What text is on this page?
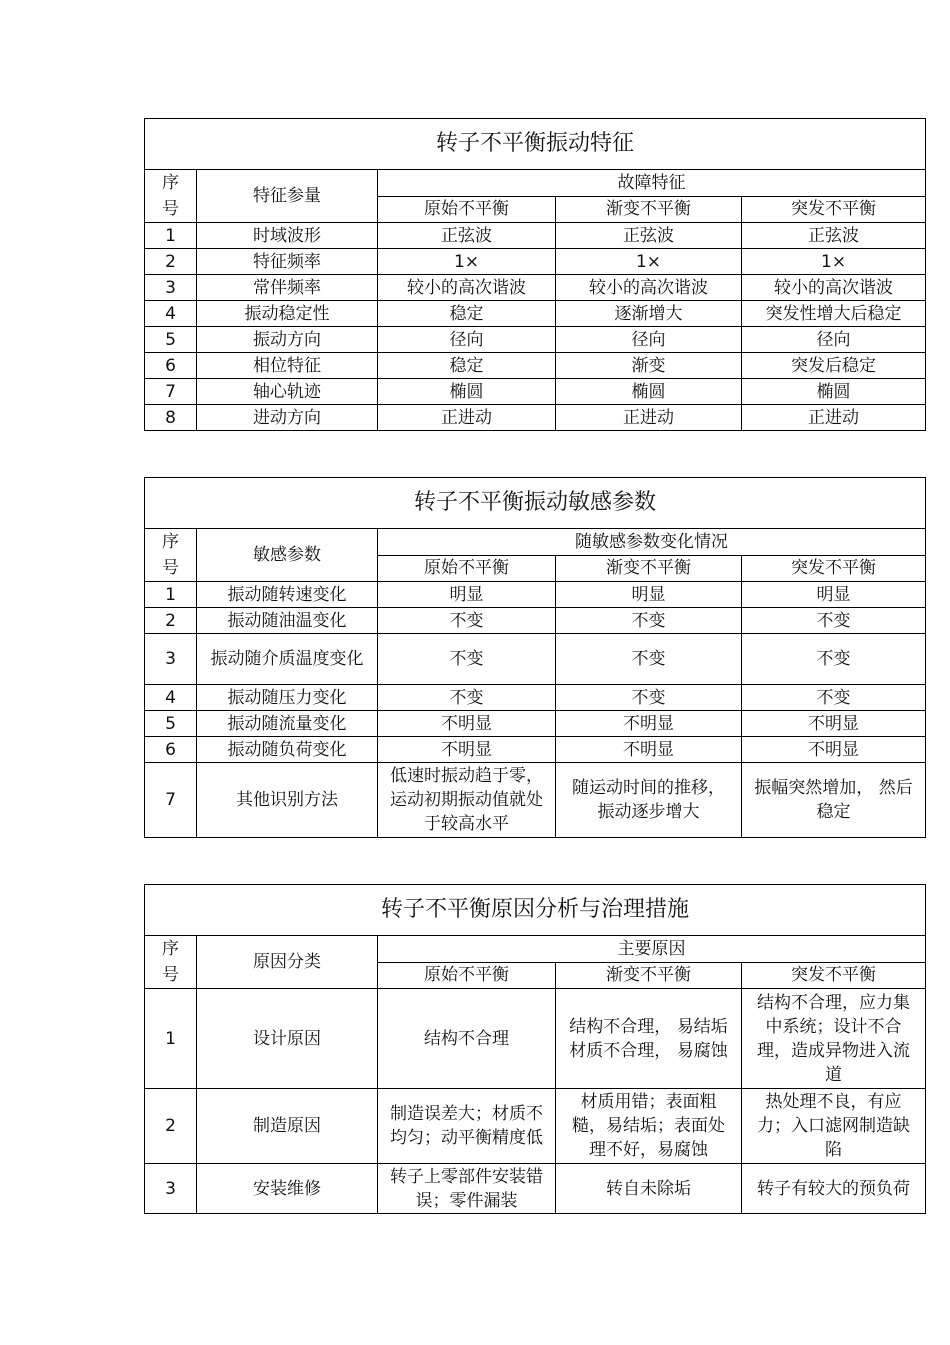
转子不平衡振动特征				
序号	特征参量	故障特征		
		原始不平衡	渐变不平衡	突发不平衡
1	时域波形	正弦波	正弦波	正弦波
2	特征频率	1×	1×	1×
3	常伴频率	较小的高次谐波	较小的高次谐波	较小的高次谐波
4	振动稳定性	稳定	逐渐增大	突发性增大后稳定
5	振动方向	径向	径向	径向
6	相位特征	稳定	渐变	突发后稳定
7	轴心轨迹	椭圆	椭圆	椭圆
8	进动方向	正进动	正进动	正进动
转子不平衡振动敏感参数				
序号	敏感参数	随敏感参数变化情况		
		原始不平衡	渐变不平衡	突发不平衡
1	振动随转速变化	明显	明显	明显
2	振动随油温变化	不变	不变	不变
3	振动随介质温度变化	不变	不变	不变
4	振动随压力变化	不变	不变	不变
5	振动随流量变化	不明显	不明显	不明显
6	振动随负荷变化	不明显	不明显	不明显
7	其他识别方法	低速时振动趋于零，运动初期振动值就处于较高水平	随运动时间的推移，振动逐步增大	振幅突然增加， 然后稳定
转子不平衡原因分析与治理措施				
序号	原因分类	主要原因		
		原始不平衡	渐变不平衡	突发不平衡
1	设计原因	结构不合理	结构不合理， 易结垢材质不合理， 易腐蚀	结构不合理，应力集中系统；设计不合理，造成异物进入流道
2	制造原因	制造误差大；材质不均匀；动平衡精度低	材质用错；表面粗糙，易结垢；表面处理不好，易腐蚀	热处理不良，有应力；入口滤网制造缺陷
3	安装维修	转子上零部件安装错误；零件漏装	转自未除垢	转子有较大的预负荷
